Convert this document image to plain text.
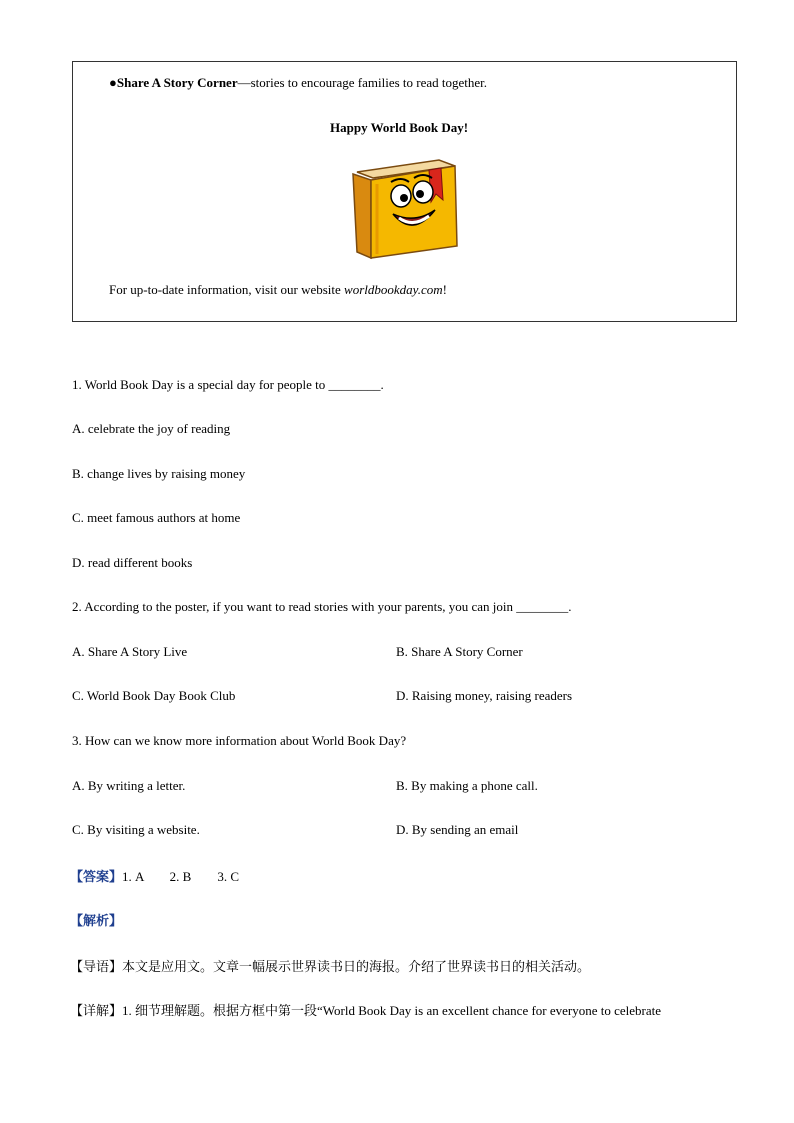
●Share A Story Corner—stories to encourage families to read together.
Happy World Book Day!
For up-to-date information, visit our website worldbookday.com!
1. World Book Day is a special day for people to ________.
A. celebrate the joy of reading
B. change lives by raising money
C. meet famous authors at home
D. read different books
2. According to the poster, if you want to read stories with your parents, you can join ________.
A. Share A Story Live	B. Share A Story Corner
C. World Book Day Book Club	D. Raising money, raising readers
3. How can we know more information about World Book Day?
A. By writing a letter.	B. By making a phone call.
C. By visiting a website.	D. By sending an email
【答案】1. A        2. B        3. C
【解析】
【导语】本文是应用文。文章一幅展示世界读书日的海报。介绍了世界读书日的相关活动。
【详解】1. 细节理解题。根据方框中第一段“World Book Day is an excellent chance for everyone to celebrate
